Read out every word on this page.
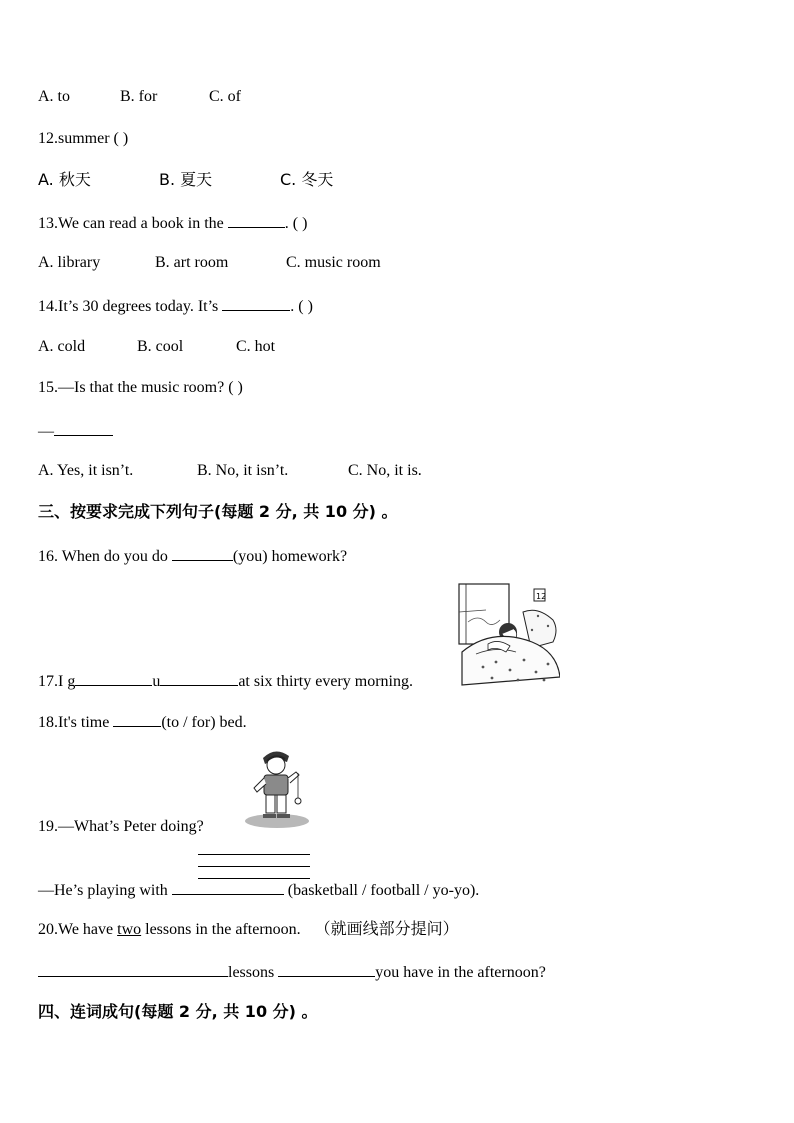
A. to	B. for	C. of
12.summer ( )
A. 秋天	B. 夏天	C. 冬天
13.We can read a book in the	. ( )
A. library	B. art room	C. music room
14.It’s 30 degrees today. It’s	. ( )
A. cold	B. cool	C. hot
15.—Is that the music room? ( )
—
A. Yes, it isn’t.	B. No, it isn’t.	C. No, it is.
三、按要求完成下列句子(每题 2 分, 共 10 分) 。
16. When do you do	(you) homework?
12
17.I g	u	at six thirty every morning.
18.It's time	(to / for) bed.
19.—What’s Peter doing?
—He’s playing with	(basketball / football / yo-yo).
20.We have two lessons in the afternoon. （就画线部分提问）
lessons	you have in the afternoon?
四、连词成句(每题 2 分, 共 10 分) 。
